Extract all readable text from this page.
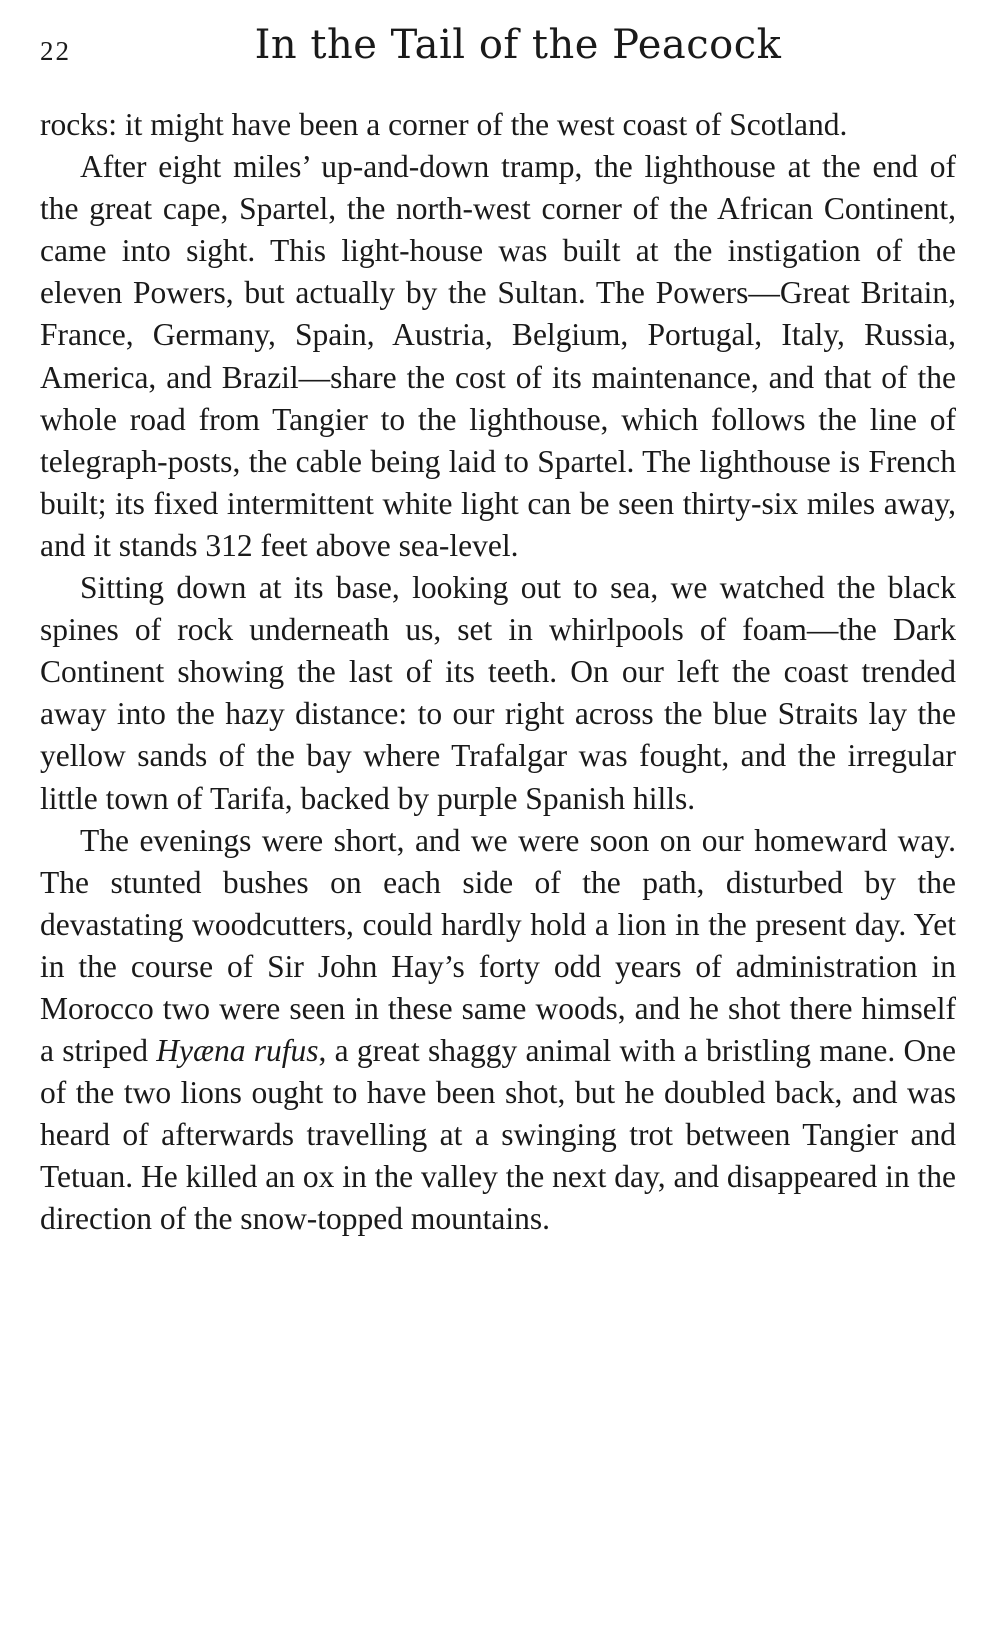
22	In the Tail of the Peacock

rocks: it might have been a corner of the west coast of Scotland.

After eight miles’ up-and-down tramp, the lighthouse at the end of the great cape, Spartel, the north-west corner of the African Continent, came into sight. This light-house was built at the instigation of the eleven Powers, but actually by the Sultan. The Powers—Great Britain, France, Germany, Spain, Austria, Belgium, Portugal, Italy, Russia, America, and Brazil—share the cost of its maintenance, and that of the whole road from Tangier to the lighthouse, which follows the line of telegraph-posts, the cable being laid to Spartel. The lighthouse is French built; its fixed intermittent white light can be seen thirty-six miles away, and it stands 312 feet above sea-level.

Sitting down at its base, looking out to sea, we watched the black spines of rock underneath us, set in whirlpools of foam—the Dark Continent showing the last of its teeth. On our left the coast trended away into the hazy distance: to our right across the blue Straits lay the yellow sands of the bay where Trafalgar was fought, and the irregular little town of Tarifa, backed by purple Spanish hills.

The evenings were short, and we were soon on our homeward way. The stunted bushes on each side of the path, disturbed by the devastating woodcutters, could hardly hold a lion in the present day. Yet in the course of Sir John Hay’s forty odd years of administration in Morocco two were seen in these same woods, and he shot there himself a striped Hyæna rufus, a great shaggy animal with a bristling mane. One of the two lions ought to have been shot, but he doubled back, and was heard of afterwards travelling at a swinging trot between Tangier and Tetuan. He killed an ox in the valley the next day, and disappeared in the direction of the snow-topped mountains.
